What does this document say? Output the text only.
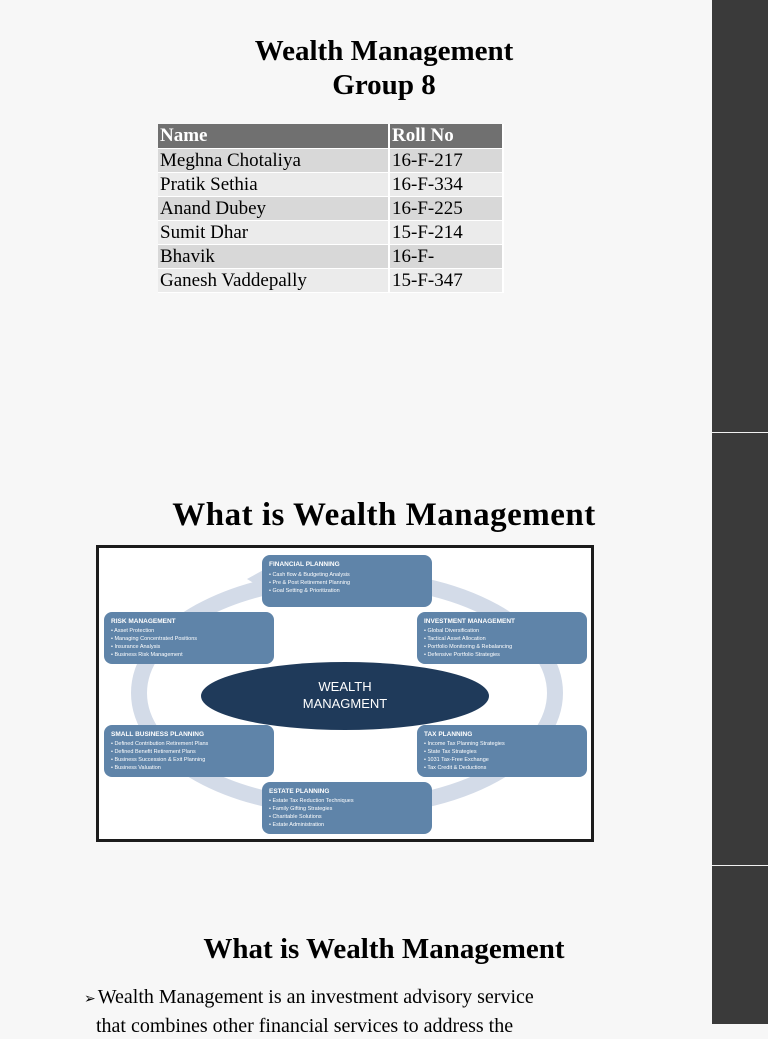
Wealth Management
Group 8
Name	Roll No
Meghna Chotaliya	16-F-217
Pratik Sethia	16-F-334
Anand Dubey	16-F-225
Sumit Dhar	15-F-214
Bhavik	16-F-
Ganesh Vaddepally	15-F-347
What is Wealth Management
WEALTH
MANAGMENT
FINANCIAL PLANNING
• Cash flow & Budgeting Analysis
• Pre & Post Retirement Planning
• Goal Setting & Prioritization
RISK MANAGEMENT
• Asset Protection
• Managing Concentrated Positions
• Insurance Analysis
• Business Risk Management
INVESTMENT MANAGEMENT
• Global Diversification
• Tactical Asset Allocation
• Portfolio Monitoring & Rebalancing
• Defensive Portfolio Strategies
SMALL BUSINESS PLANNING
• Defined Contribution Retirement Plans
• Defined Benefit Retirement Plans
• Business Succession & Exit Planning
• Business Valuation
TAX PLANNING
• Income Tax Planning Strategies
• State Tax Strategies
• 1031 Tax-Free Exchange
• Tax Credit & Deductions
ESTATE PLANNING
• Estate Tax Reduction Techniques
• Family Gifting Strategies
• Charitable Solutions
• Estate Administration
What is Wealth Management
➢ Wealth Management is an investment advisory service
that combines other financial services to address the
